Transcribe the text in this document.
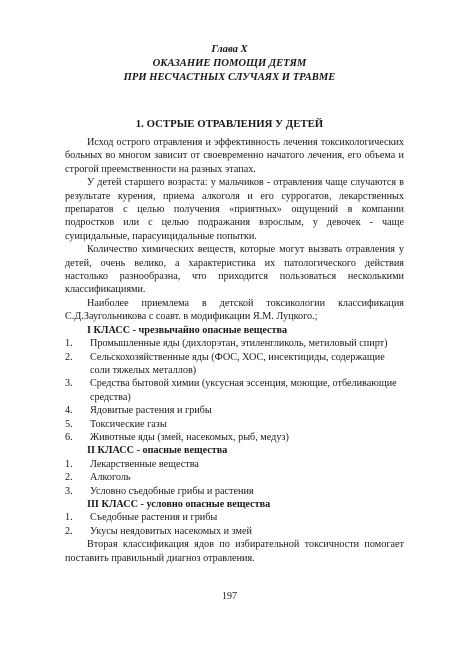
Глава X
ОКАЗАНИЕ ПОМОЩИ ДЕТЯМ
ПРИ НЕСЧАСТНЫХ СЛУЧАЯХ И ТРАВМЕ
1. ОСТРЫЕ ОТРАВЛЕНИЯ У ДЕТЕЙ

Исход острого отравления и эффективность лечения токсикологических больных во многом зависит от своевременно начатого лечения, его объема и строгой преемственности на разных этапах.

У детей старшего возраста: у мальчиков - отравления чаще случаются в результате курения, приема алкоголя и его суррогатов, лекарственных препаратов с целью получения «приятных» ощущений в компании подростков или с целью подражания взрослым, у девочек - чаще суицидальные, парасуицидальные попытки.

Количество химических веществ, которые могут вызвать отравления у детей, очень велико, а характеристика их патологического действия настолько разнообразна, что приходится пользоваться несколькими классификациями.

Наиболее приемлема в детской токсикологии классификация С.Д.Заугольникова с соавт. в модификации Я.М. Луцкого.;

I КЛАСС - чрезвычайно опасные вещества

1. Промышленные яды (дихлорэтан, этиленгликоль, метиловый спирт)
2. Сельскохозяйственные яды (ФОС, ХОС, инсектициды, содержащие соли тяжелых металлов)
3. Средства бытовой химии (уксусная эссенция, моющие, отбеливающие средства)
4. Ядовитые растения и грибы
5. Токсические газы
6. Животные яды (змей, насекомых, рыб, медуз)

II КЛАСС - опасные вещества

1. Лекарственные вещества
2. Алкоголь
3. Условно съедобные грибы и растения

III КЛАСС - условно опасные вещества

1. Съедобные растения и грибы
2. Укусы неядовитых насекомых и змей

Вторая классификация ядов по избирательной токсичности помогает поставить правильный диагноз отравления.

197
